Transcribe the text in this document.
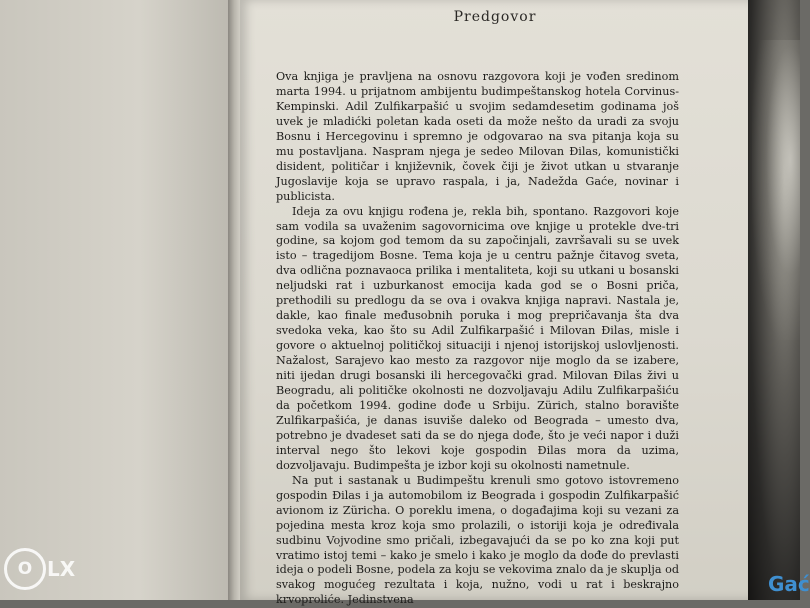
Gać
Predgovor

Ova knjiga je pravljena na osnovu razgovora koji je vođen sredinom marta 1994. u prijatnom ambijentu budimpeštanskog hotela Corvinus-Kempinski. Adil Zulfikarpašić u svojim sedamdesetim godinama još uvek je mladićki poletan kada oseti da može nešto da uradi za svoju Bosnu i Hercegovinu i spremno je odgovarao na sva pitanja koja su mu postavljana. Naspram njega je sedeo Milovan Đilas, komunistički disident, političar i književnik, čovek čiji je život utkan u stvaranje Jugoslavije koja se upravo raspala, i ja, Nadežda Gaće, novinar i publicista.

Ideja za ovu knjigu rođena je, rekla bih, spontano. Razgovori koje sam vodila sa uvaženim sagovornicima ove knjige u protekle dve-tri godine, sa kojom god temom da su započinjali, završavali su se uvek isto – tragedijom Bosne. Tema koja je u centru pažnje čitavog sveta, dva odlična poznavaoca prilika i mentaliteta, koji su utkani u bosanski neljudski rat i uzburkanost emocija kada god se o Bosni priča, prethodili su predlogu da se ova i ovakva knjiga napravi. Nastala je, dakle, kao finale međusobnih poruka i mog prepričavanja šta dva svedoka veka, kao što su Adil Zulfikarpašić i Milovan Đilas, misle i govore o aktuelnoj političkoj situaciji i njenoj istorijskoj uslovljenosti. Nažalost, Sarajevo kao mesto za razgovor nije moglo da se izabere, niti ijedan drugi bosanski ili hercegovački grad. Milovan Đilas živi u Beogradu, ali političke okolnosti ne dozvoljavaju Adilu Zulfikarpašiću da početkom 1994. godine dođe u Srbiju. Zürich, stalno boravište Zulfikarpašića, je danas isuviše daleko od Beograda – umesto dva, potrebno je dvadeset sati da se do njega dođe, što je veći napor i duži interval nego što lekovi koje gospodin Đilas mora da uzima, dozvoljavaju. Budimpešta je izbor koji su okolnosti nametnule.

Na put i sastanak u Budimpeštu krenuli smo gotovo istovremeno gospodin Đilas i ja automobilom iz Beograda i gospodin Zulfikarpašić avionom iz Züricha. O poreklu imena, o događajima koji su vezani za pojedina mesta kroz koja smo prolazili, o istoriji koja je određivala sudbinu Vojvodine smo pričali, izbegavajući da se po ko zna koji put vratimo istoj temi – kako je smelo i kako je moglo da dođe do prevlasti ideja o podeli Bosne, podela za koju se vekovima znalo da je skuplja od svakog mogućeg rezultata i koja, nužno, vodi u rat i beskrajno krvoproliće. Jedinstvena

O LX
